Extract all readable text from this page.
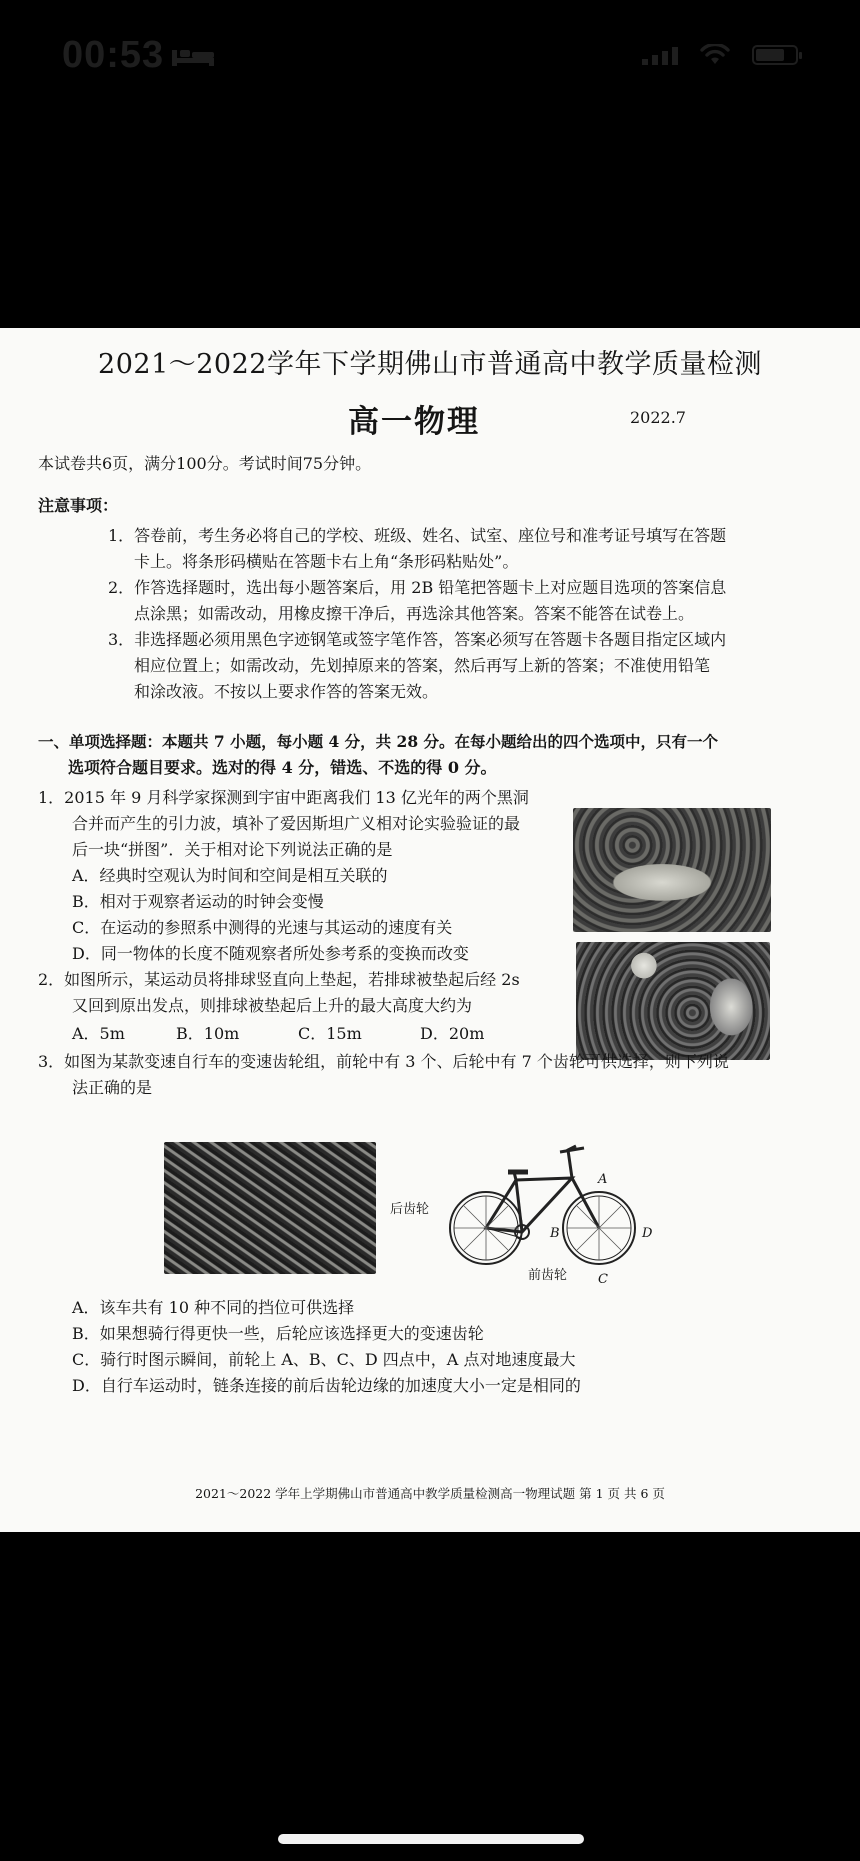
00:53
2021～2022学年下学期佛山市普通高中教学质量检测
高一物理	2022.7
本试卷共6页，满分100分。考试时间75分钟。
注意事项：
1．答卷前，考生务必将自己的学校、班级、姓名、试室、座位号和准考证号填写在答题
卡上。将条形码横贴在答题卡右上角“条形码粘贴处”。
2．作答选择题时，选出每小题答案后，用 2B 铅笔把答题卡上对应题目选项的答案信息
点涂黑；如需改动，用橡皮擦干净后，再选涂其他答案。答案不能答在试卷上。
3．非选择题必须用黑色字迹钢笔或签字笔作答，答案必须写在答题卡各题目指定区域内
相应位置上；如需改动，先划掉原来的答案，然后再写上新的答案；不准使用铅笔
和涂改液。不按以上要求作答的答案无效。
一、单项选择题：本题共 7 小题，每小题 4 分，共 28 分。在每小题给出的四个选项中，只有一个
选项符合题目要求。选对的得 4 分，错选、不选的得 0 分。
1．2015 年 9 月科学家探测到宇宙中距离我们 13 亿光年的两个黑洞
合并而产生的引力波，填补了爱因斯坦广义相对论实验验证的最
后一块“拼图”．关于相对论下列说法正确的是
A．经典时空观认为时间和空间是相互关联的
B．相对于观察者运动的时钟会变慢
C．在运动的参照系中测得的光速与其运动的速度有关
D．同一物体的长度不随观察者所处参考系的变换而改变
2．如图所示，某运动员将排球竖直向上垫起，若排球被垫起后经 2s
又回到原出发点，则排球被垫起后上升的最大高度大约为
A．5m	B．10m	C．15m	D．20m
3．如图为某款变速自行车的变速齿轮组，前轮中有 3 个、后轮中有 7 个齿轮可供选择，则下列说
法正确的是
后齿轮
前齿轮
A
B
C
D
A．该车共有 10 种不同的挡位可供选择
B．如果想骑行得更快一些，后轮应该选择更大的变速齿轮
C．骑行时图示瞬间，前轮上 A、B、C、D 四点中，A 点对地速度最大
D．自行车运动时，链条连接的前后齿轮边缘的加速度大小一定是相同的
2021～2022 学年上学期佛山市普通高中教学质量检测高一物理试题 第 1 页 共 6 页
